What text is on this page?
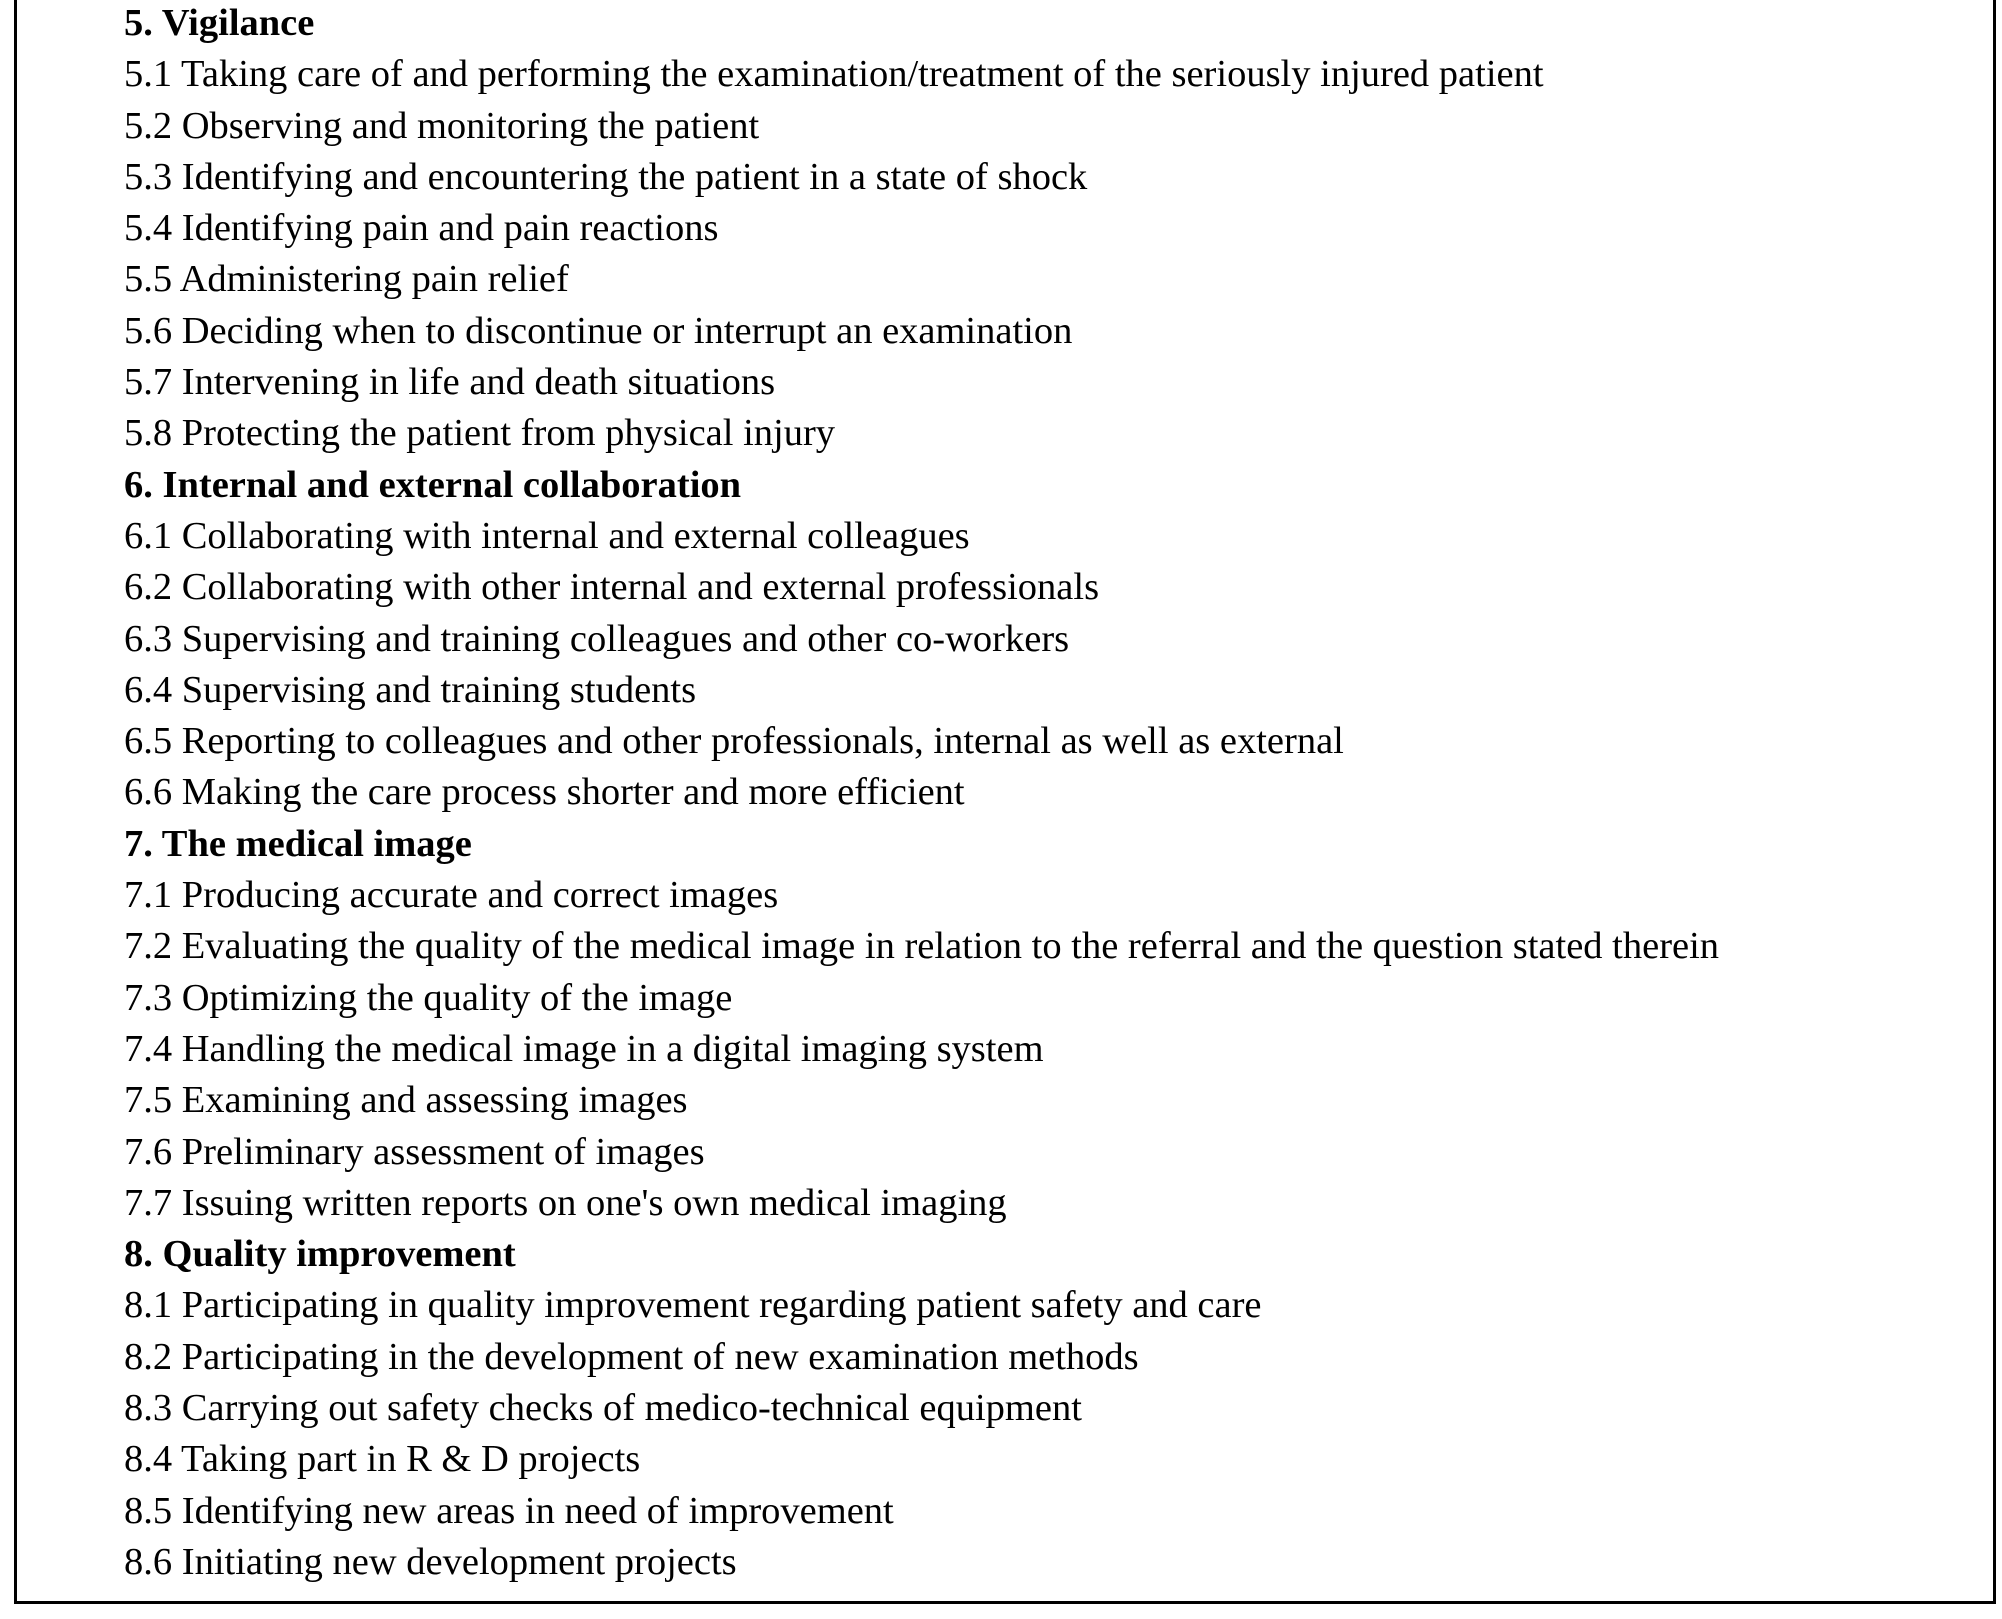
5. Vigilance
5.1 Taking care of and performing the examination/treatment of the seriously injured patient
5.2 Observing and monitoring the patient
5.3 Identifying and encountering the patient in a state of shock
5.4 Identifying pain and pain reactions
5.5 Administering pain relief
5.6 Deciding when to discontinue or interrupt an examination
5.7 Intervening in life and death situations
5.8 Protecting the patient from physical injury
6. Internal and external collaboration
6.1 Collaborating with internal and external colleagues
6.2 Collaborating with other internal and external professionals
6.3 Supervising and training colleagues and other co-workers
6.4 Supervising and training students
6.5 Reporting to colleagues and other professionals, internal as well as external
6.6 Making the care process shorter and more efficient
7. The medical image
7.1 Producing accurate and correct images
7.2 Evaluating the quality of the medical image in relation to the referral and the question stated therein
7.3 Optimizing the quality of the image
7.4 Handling the medical image in a digital imaging system
7.5 Examining and assessing images
7.6 Preliminary assessment of images
7.7 Issuing written reports on one's own medical imaging
8. Quality improvement
8.1 Participating in quality improvement regarding patient safety and care
8.2 Participating in the development of new examination methods
8.3 Carrying out safety checks of medico-technical equipment
8.4 Taking part in R & D projects
8.5 Identifying new areas in need of improvement
8.6 Initiating new development projects
